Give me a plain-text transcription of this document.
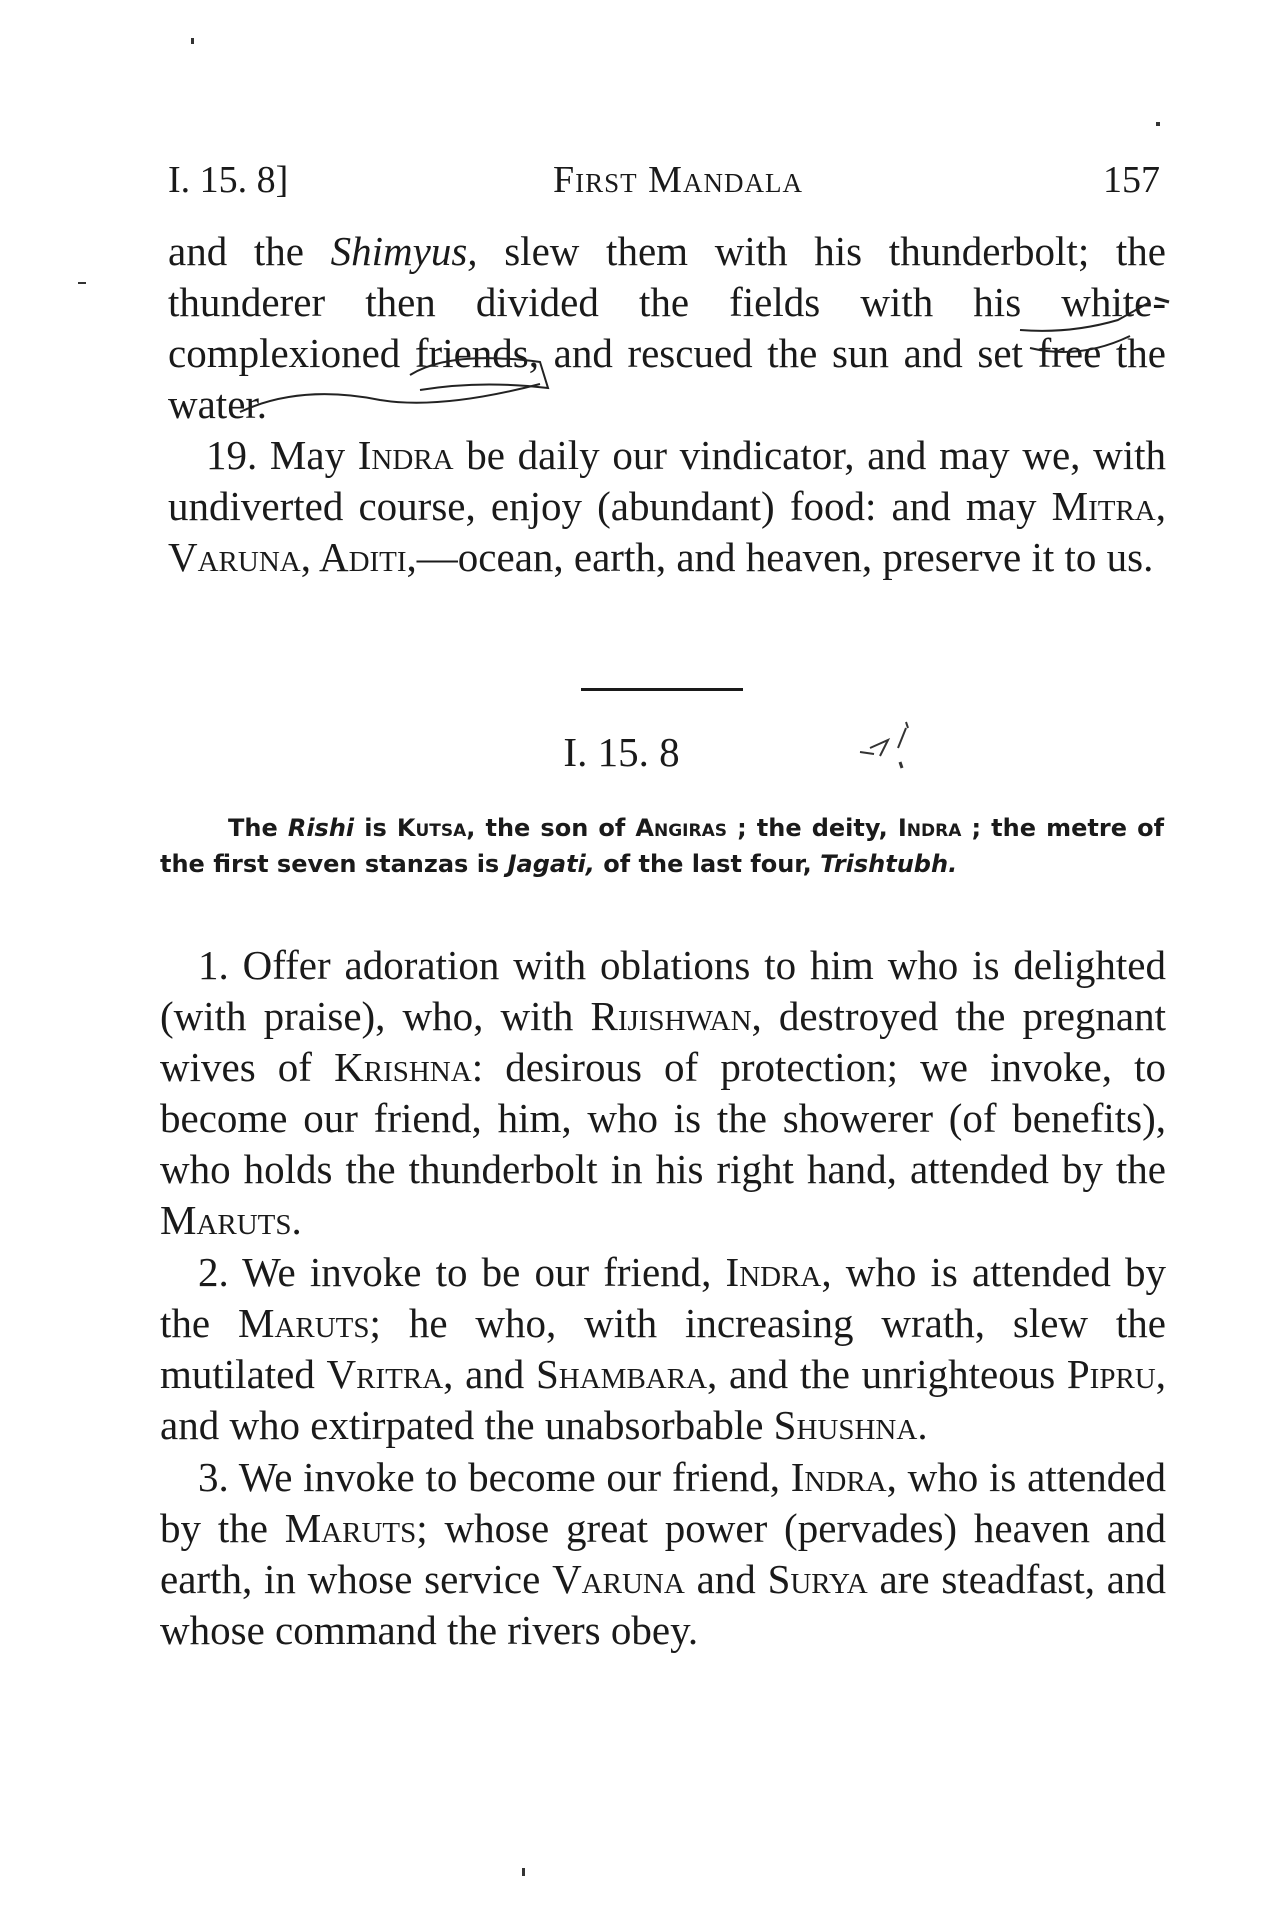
I. 15. 8]	First Mandala	157

and the Shimyus, slew them with his thunderbolt; the thunderer then divided the fields with his white-complexioned friends, and rescued the sun and set free the water.

19. May Indra be daily our vindicator, and may we, with undiverted course, enjoy (abundant) food: and may Mitra, Varuna, Aditi,—ocean, earth, and heaven, preserve it to us.

I. 15. 8

The Rishi is Kutsa, the son of Angiras ; the deity, Indra ; the metre of the first seven stanzas is Jagati, of the last four, Trishtubh.

1. Offer adoration with oblations to him who is delighted (with praise), who, with Rijishwan, destroyed the pregnant wives of Krishna: desirous of protection; we invoke, to become our friend, him, who is the showerer (of benefits), who holds the thunderbolt in his right hand, attended by the Maruts.

2. We invoke to be our friend, Indra, who is attended by the Maruts; he who, with increasing wrath, slew the mutilated Vritra, and Shambara, and the unrighteous Pipru, and who extirpated the unabsorbable Shushna.

3. We invoke to become our friend, Indra, who is attended by the Maruts; whose great power (pervades) heaven and earth, in whose service Varuna and Surya are steadfast, and whose command the rivers obey.
